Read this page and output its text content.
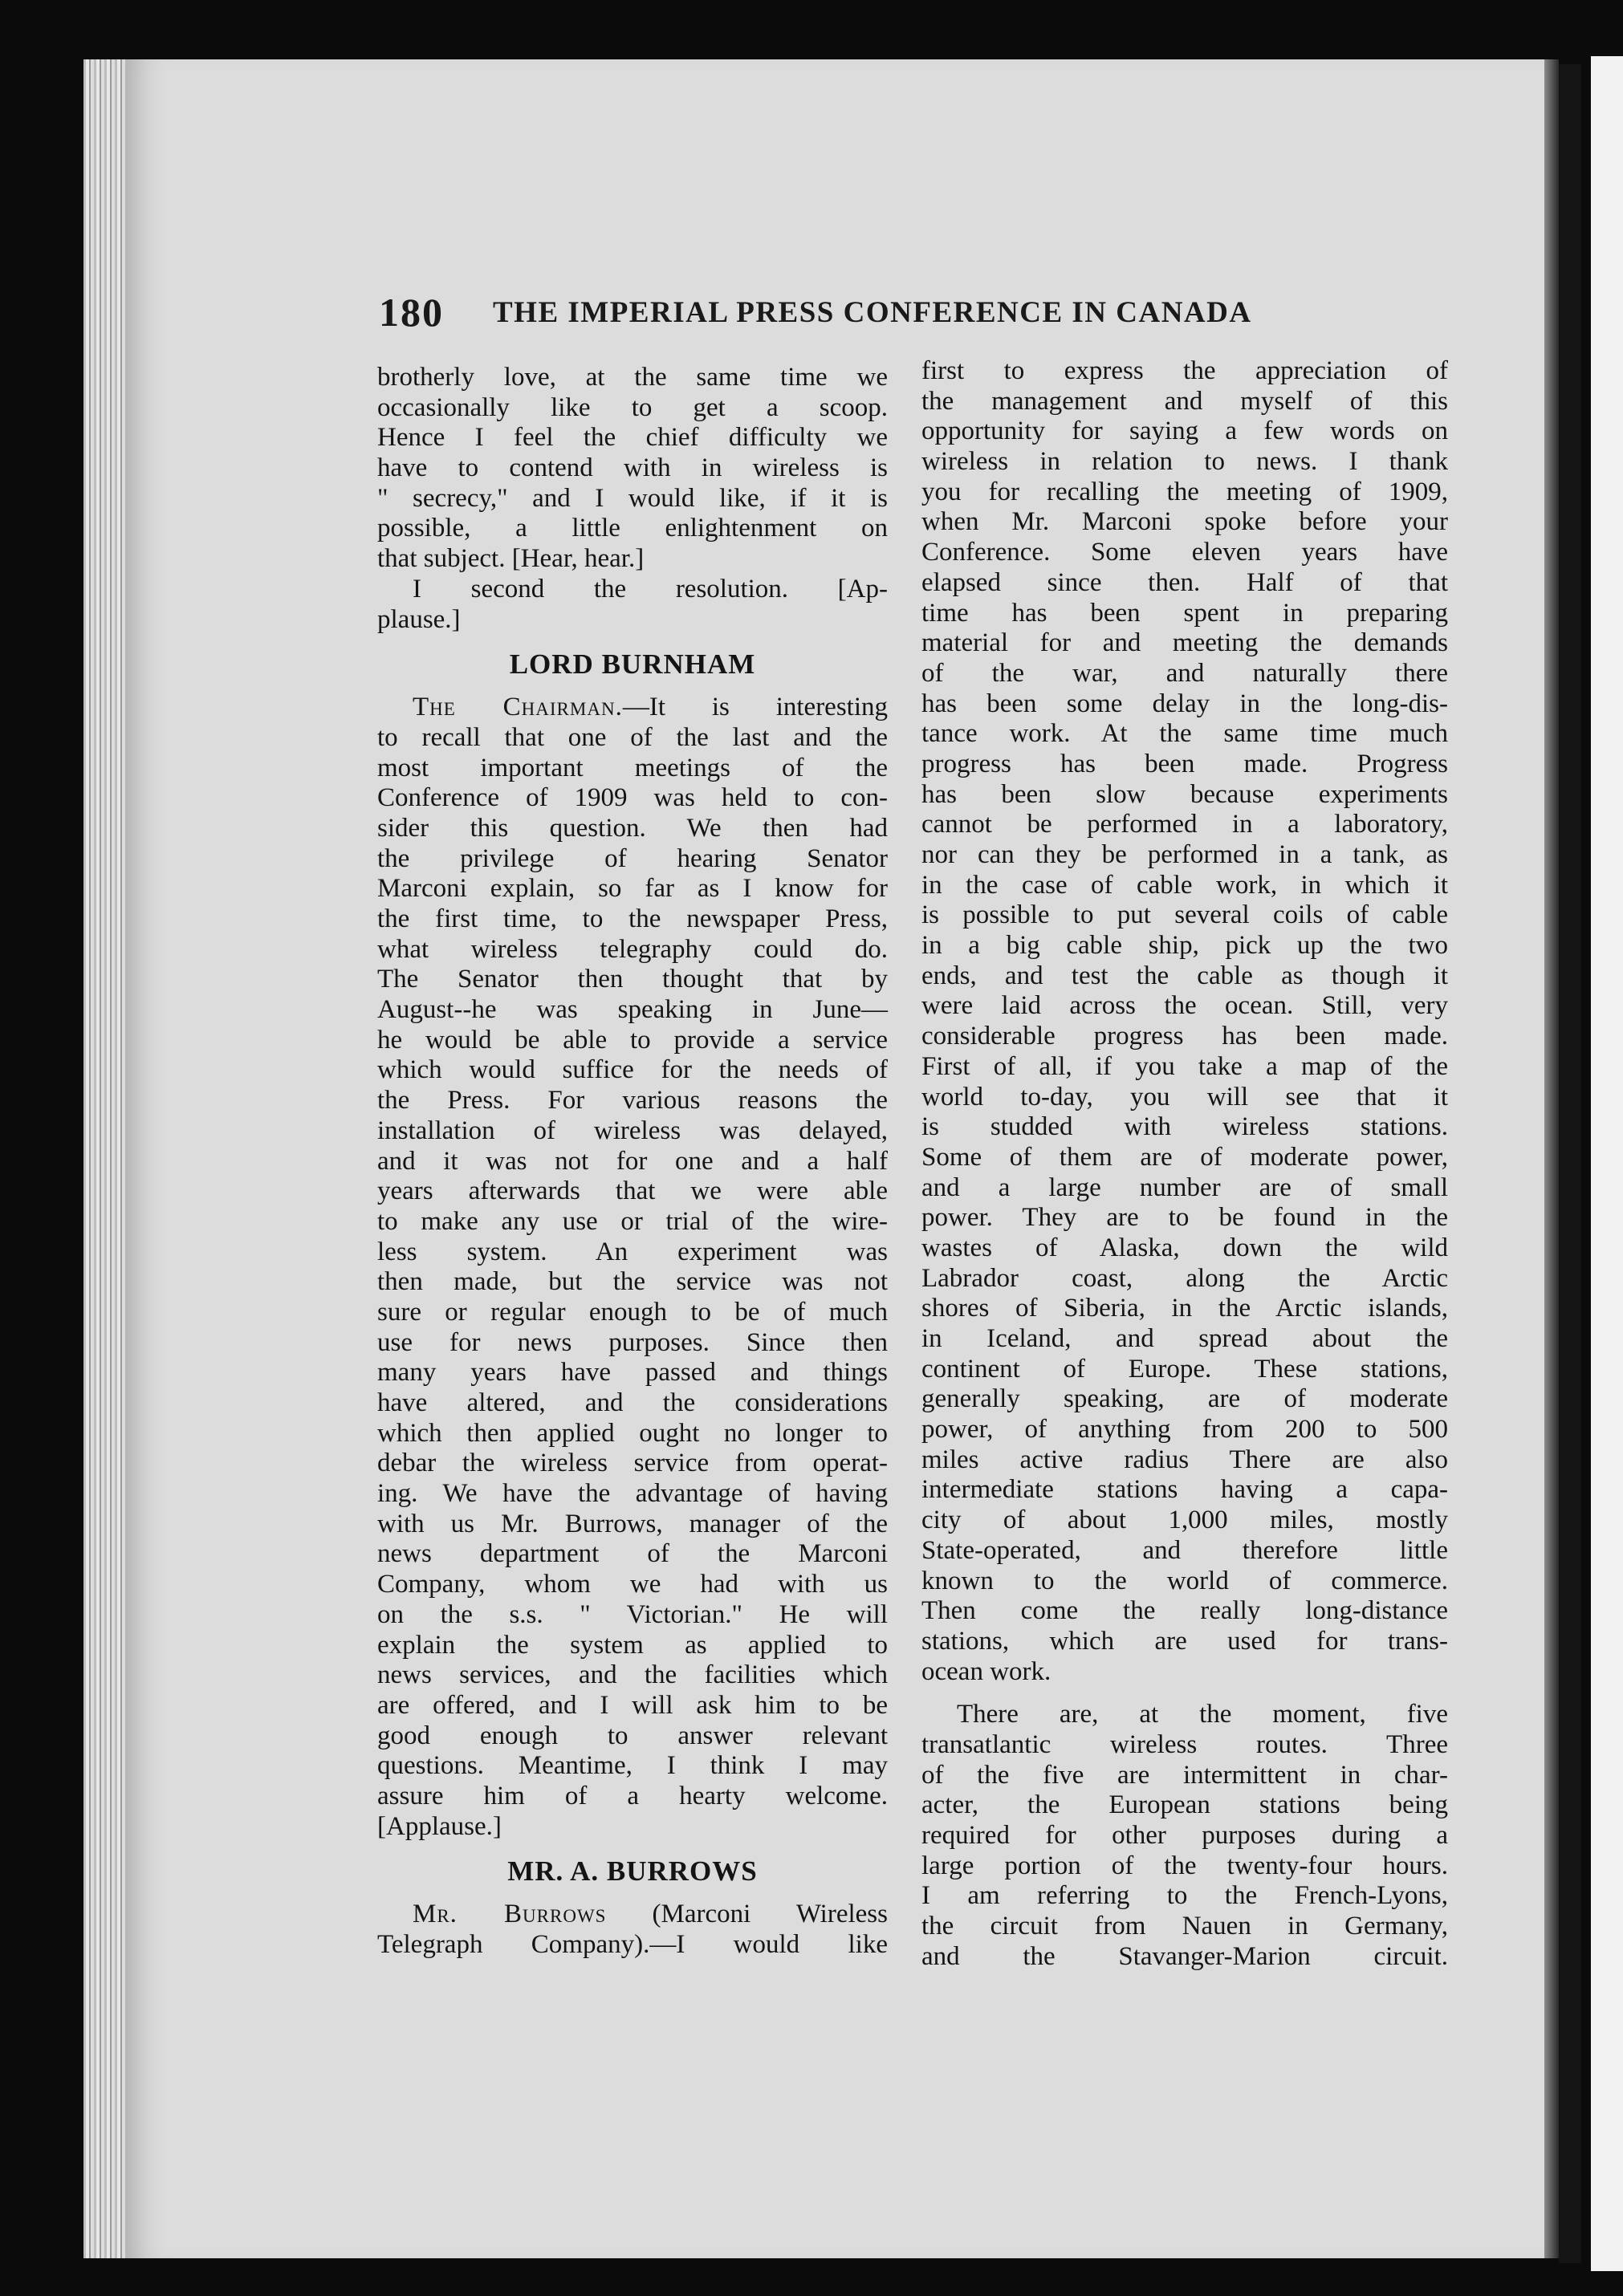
180 THE IMPERIAL PRESS CONFERENCE IN CANADA
brotherly love, at the same time we
occasionally like to get a scoop.
Hence I feel the chief difficulty we
have to contend with in wireless is
" secrecy," and I would like, if it is
possible, a little enlightenment on
that subject. [Hear, hear.]
I second the resolution. [Ap-
plause.]
LORD BURNHAM
The Chairman.—It is interesting
to recall that one of the last and the
most important meetings of the
Conference of 1909 was held to con-
sider this question. We then had
the privilege of hearing Senator
Marconi explain, so far as I know for
the first time, to the newspaper Press,
what wireless telegraphy could do.
The Senator then thought that by
August--he was speaking in June—
he would be able to provide a service
which would suffice for the needs of
the Press. For various reasons the
installation of wireless was delayed,
and it was not for one and a half
years afterwards that we were able
to make any use or trial of the wire-
less system. An experiment was
then made, but the service was not
sure or regular enough to be of much
use for news purposes. Since then
many years have passed and things
have altered, and the considerations
which then applied ought no longer to
debar the wireless service from operat-
ing. We have the advantage of having
with us Mr. Burrows, manager of the
news department of the Marconi
Company, whom we had with us
on the s.s. " Victorian." He will
explain the system as applied to
news services, and the facilities which
are offered, and I will ask him to be
good enough to answer relevant
questions. Meantime, I think I may
assure him of a hearty welcome.
[Applause.]
MR. A. BURROWS
Mr. Burrows (Marconi Wireless
Telegraph Company).—I would like
first to express the appreciation of
the management and myself of this
opportunity for saying a few words on
wireless in relation to news. I thank
you for recalling the meeting of 1909,
when Mr. Marconi spoke before your
Conference. Some eleven years have
elapsed since then. Half of that
time has been spent in preparing
material for and meeting the demands
of the war, and naturally there
has been some delay in the long-dis-
tance work. At the same time much
progress has been made. Progress
has been slow because experiments
cannot be performed in a laboratory,
nor can they be performed in a tank, as
in the case of cable work, in which it
is possible to put several coils of cable
in a big cable ship, pick up the two
ends, and test the cable as though it
were laid across the ocean. Still, very
considerable progress has been made.
First of all, if you take a map of the
world to-day, you will see that it
is studded with wireless stations.
Some of them are of moderate power,
and a large number are of small
power. They are to be found in the
wastes of Alaska, down the wild
Labrador coast, along the Arctic
shores of Siberia, in the Arctic islands,
in Iceland, and spread about the
continent of Europe. These stations,
generally speaking, are of moderate
power, of anything from 200 to 500
miles active radius There are also
intermediate stations having a capa-
city of about 1,000 miles, mostly
State-operated, and therefore little
known to the world of commerce.
Then come the really long-distance
stations, which are used for trans-
ocean work.
There are, at the moment, five
transatlantic wireless routes. Three
of the five are intermittent in char-
acter, the European stations being
required for other purposes during a
large portion of the twenty-four hours.
I am referring to the French-Lyons,
the circuit from Nauen in Germany,
and the Stavanger-Marion circuit.
